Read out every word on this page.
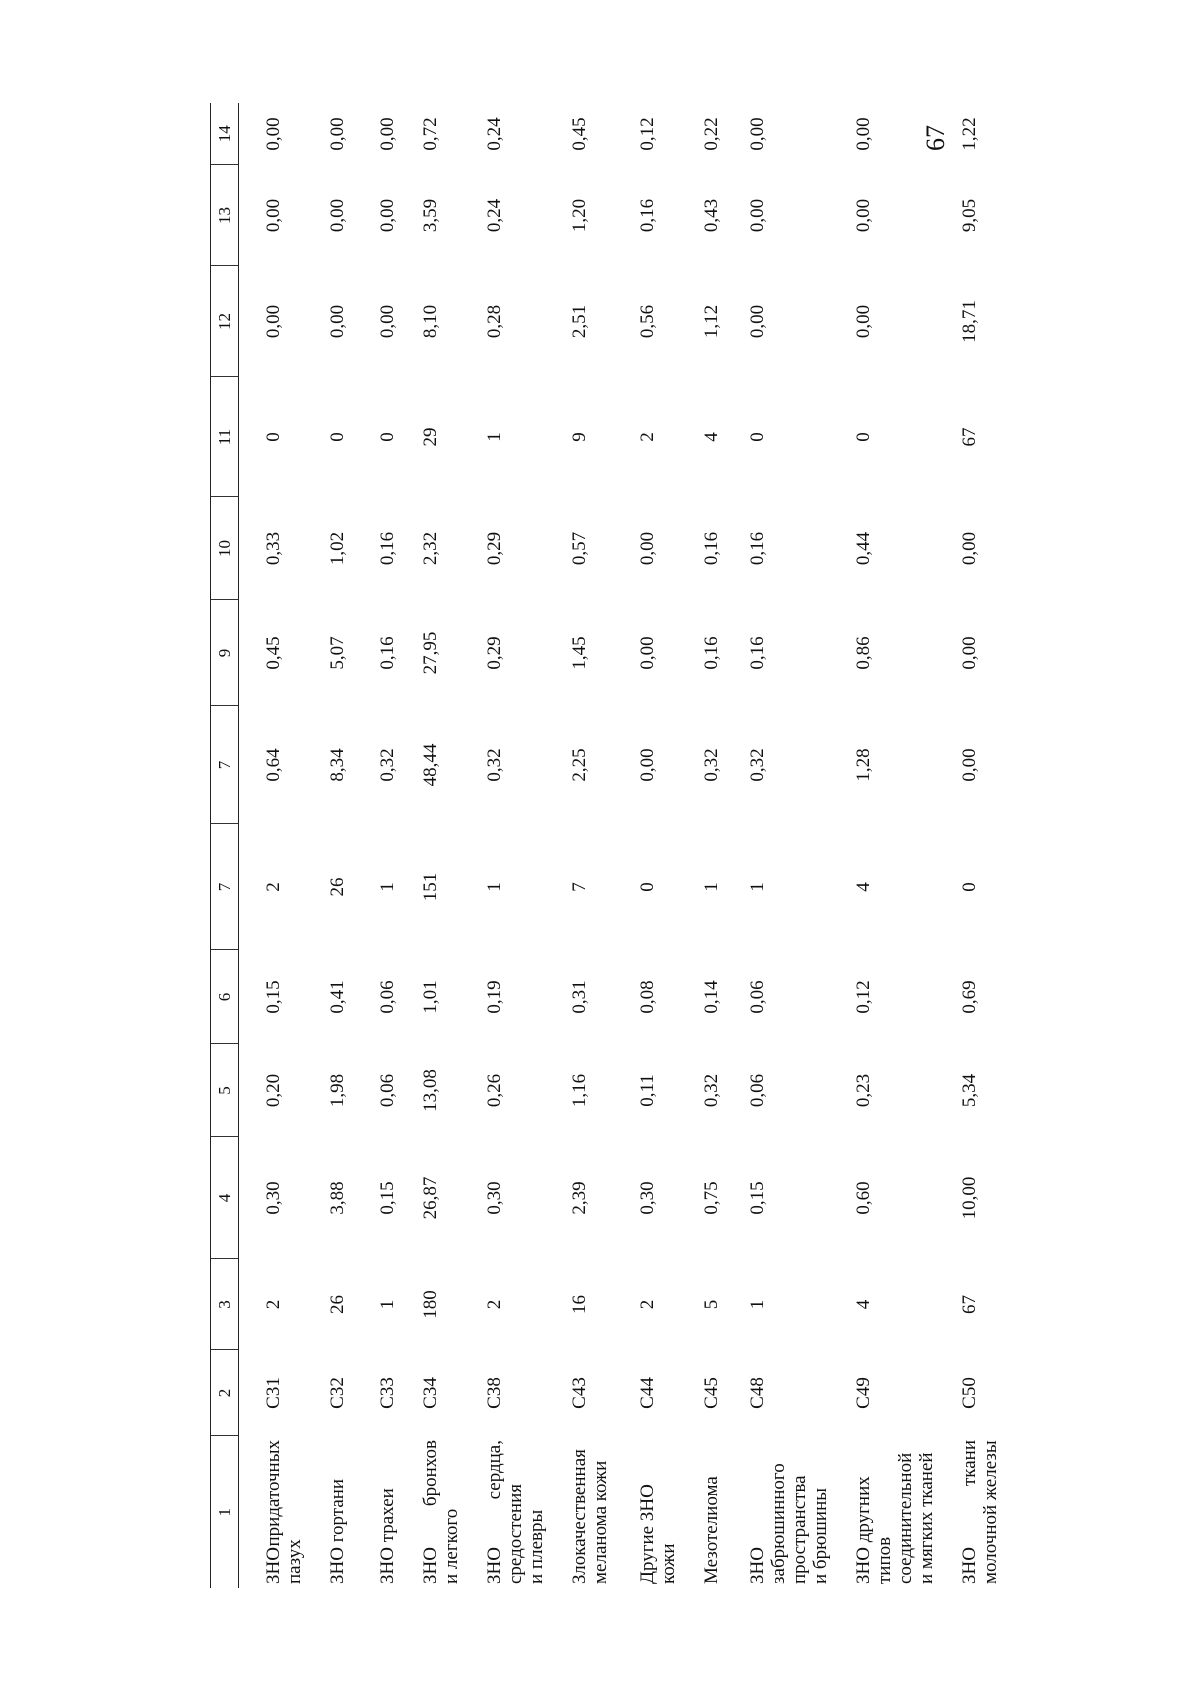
67
1	2	3	4	5	6	7	7	9	10	11	12	13	14

ЗНО
придаточных
пазух	С31	2	0,30	0,20	0,15	2	0,64	0,45	0,33	0	0,00	0,00	0,00

ЗНО гортани	С32	26	3,88	1,98	0,41	26	8,34	5,07	1,02	0	0,00	0,00	0,00

ЗНО трахеи	С33	1	0,15	0,06	0,06	1	0,32	0,16	0,16	0	0,00	0,00	0,00

ЗНО
бронхов
и легкого	С34	180	26,87	13,08	1,01	151	48,44	27,95	2,32	29	8,10	3,59	0,72

ЗНО
сердца,
средостения и плевры	С38	2	0,30	0,26	0,19	1	0,32	0,29	0,29	1	0,28	0,24	0,24

Злокачественная меланома кожи	С43	16	2,39	1,16	0,31	7	2,25	1,45	0,57	9	2,51	1,20	0,45

Другие ЗНО кожи	С44	2	0,30	0,11	0,08	0	0,00	0,00	0,00	2	0,56	0,16	0,12

Мезотелиома	С45	5	0,75	0,32	0,14	1	0,32	0,16	0,16	4	1,12	0,43	0,22

ЗНО забрюшинного пространства и брюшины	С48	1	0,15	0,06	0,06	1	0,32	0,16	0,16	0	0,00	0,00	0,00

ЗНО другних типов соединительной и мягких тканей	С49	4	0,60	0,23	0,12	4	1,28	0,86	0,44	0	0,00	0,00	0,00

ЗНО
ткани молочной железы	С50	67	10,00	5,34	0,69	0	0,00	0,00	0,00	67	18,71	9,05	1,22
